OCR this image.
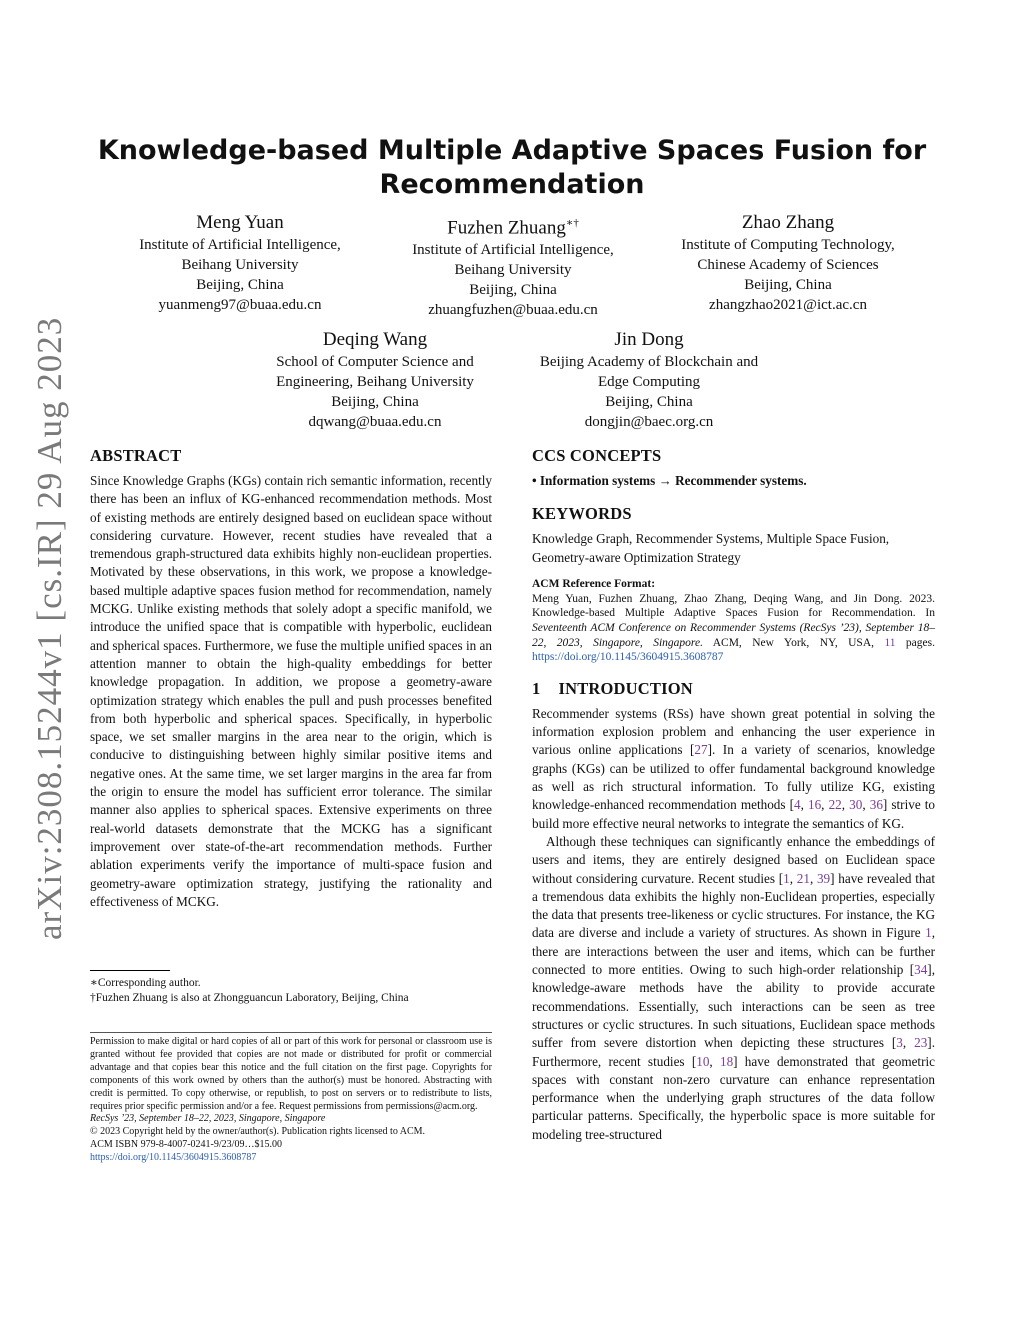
arXiv:2308.15244v1 [cs.IR] 29 Aug 2023
Knowledge-based Multiple Adaptive Spaces Fusion for Recommendation
Meng Yuan
Institute of Artificial Intelligence,
Beihang University
Beijing, China
yuanmeng97@buaa.edu.cn
Fuzhen Zhuang∗†
Institute of Artificial Intelligence,
Beihang University
Beijing, China
zhuangfuzhen@buaa.edu.cn
Zhao Zhang
Institute of Computing Technology,
Chinese Academy of Sciences
Beijing, China
zhangzhao2021@ict.ac.cn
Deqing Wang
School of Computer Science and
Engineering, Beihang University
Beijing, China
dqwang@buaa.edu.cn
Jin Dong
Beijing Academy of Blockchain and
Edge Computing
Beijing, China
dongjin@baec.org.cn
ABSTRACT

Since Knowledge Graphs (KGs) contain rich semantic information, recently there has been an influx of KG-enhanced recommendation methods. Most of existing methods are entirely designed based on euclidean space without considering curvature. However, recent studies have revealed that a tremendous graph-structured data exhibits highly non-euclidean properties. Motivated by these observations, in this work, we propose a knowledge-based multiple adaptive spaces fusion method for recommendation, namely MCKG. Unlike existing methods that solely adopt a specific manifold, we introduce the unified space that is compatible with hyperbolic, euclidean and spherical spaces. Furthermore, we fuse the multiple unified spaces in an attention manner to obtain the high-quality embeddings for better knowledge propagation. In addition, we propose a geometry-aware optimization strategy which enables the pull and push processes benefited from both hyperbolic and spherical spaces. Specifically, in hyperbolic space, we set smaller margins in the area near to the origin, which is conducive to distinguishing between highly similar positive items and negative ones. At the same time, we set larger margins in the area far from the origin to ensure the model has sufficient error tolerance. The similar manner also applies to spherical spaces. Extensive experiments on three real-world datasets demonstrate that the MCKG has a significant improvement over state-of-the-art recommendation methods. Further ablation experiments verify the importance of multi-space fusion and geometry-aware optimization strategy, justifying the rationality and effectiveness of MCKG.

∗Corresponding author.
†Fuzhen Zhuang is also at Zhongguancun Laboratory, Beijing, China

Permission to make digital or hard copies of all or part of this work for personal or classroom use is granted without fee provided that copies are not made or distributed for profit or commercial advantage and that copies bear this notice and the full citation on the first page. Copyrights for components of this work owned by others than the author(s) must be honored. Abstracting with credit is permitted. To copy otherwise, or republish, to post on servers or to redistribute to lists, requires prior specific permission and/or a fee. Request permissions from permissions@acm.org.

RecSys ’23, September 18–22, 2023, Singapore, Singapore

© 2023 Copyright held by the owner/author(s). Publication rights licensed to ACM.

ACM ISBN 979-8-4007-0241-9/23/09…$15.00

https://doi.org/10.1145/3604915.3608787

CCS CONCEPTS

• Information systems → Recommender systems.

KEYWORDS

Knowledge Graph, Recommender Systems, Multiple Space Fusion, Geometry-aware Optimization Strategy

ACM Reference Format:

Meng Yuan, Fuzhen Zhuang, Zhao Zhang, Deqing Wang, and Jin Dong. 2023. Knowledge-based Multiple Adaptive Spaces Fusion for Recommendation. In Seventeenth ACM Conference on Recommender Systems (RecSys ’23), September 18–22, 2023, Singapore, Singapore. ACM, New York, NY, USA, 11 pages. https://doi.org/10.1145/3604915.3608787

1 INTRODUCTION

Recommender systems (RSs) have shown great potential in solving the information explosion problem and enhancing the user experience in various online applications [27]. In a variety of scenarios, knowledge graphs (KGs) can be utilized to offer fundamental background knowledge as well as rich structural information. To fully utilize KG, existing knowledge-enhanced recommendation methods [4, 16, 22, 30, 36] strive to build more effective neural networks to integrate the semantics of KG.

Although these techniques can significantly enhance the embeddings of users and items, they are entirely designed based on Euclidean space without considering curvature. Recent studies [1, 21, 39] have revealed that a tremendous data exhibits the highly non-Euclidean properties, especially the data that presents tree-likeness or cyclic structures. For instance, the KG data are diverse and include a variety of structures. As shown in Figure 1, there are interactions between the user and items, which can be further connected to more entities. Owing to such high-order relationship [34], knowledge-aware methods have the ability to provide accurate recommendations. Essentially, such interactions can be seen as tree structures or cyclic structures. In such situations, Euclidean space methods suffer from severe distortion when depicting these structures [3, 23]. Furthermore, recent studies [10, 18] have demonstrated that geometric spaces with constant non-zero curvature can enhance representation performance when the underlying graph structures of the data follow particular patterns. Specifically, the hyperbolic space is more suitable for modeling tree-structured
